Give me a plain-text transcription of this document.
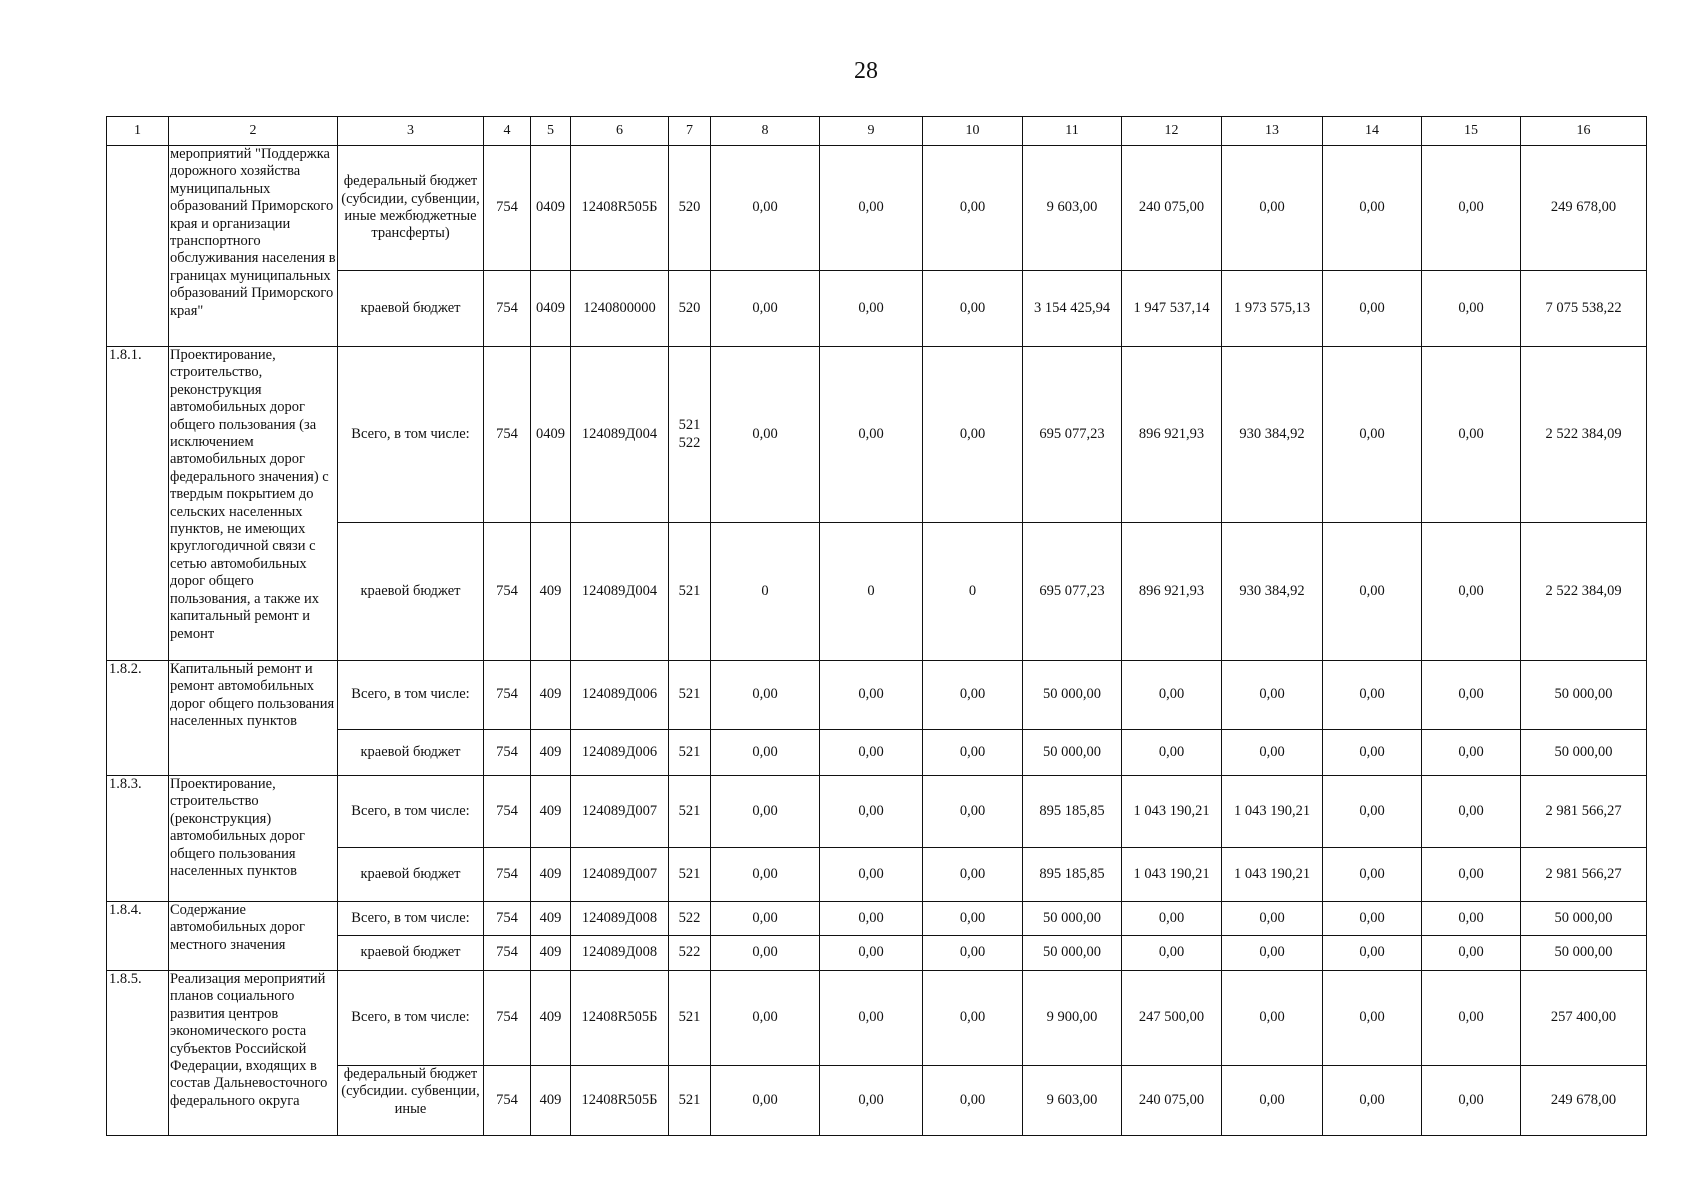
28
1	2	3	4	5	6	7	8	9	10	11	12	13	14	15	16
	мероприятий "Поддержка дорожного хозяйства муниципальных образований Приморского края и организации транспортного обслуживания населения в границах муниципальных образований Приморского края"	федеральный бюджет (субсидии, субвенции, иные межбюджетные трансферты)	754	0409	12408R505Б	520	0,00	0,00	0,00	9 603,00	240 075,00	0,00	0,00	0,00	249 678,00
		краевой бюджет	754	0409	1240800000	520	0,00	0,00	0,00	3 154 425,94	1 947 537,14	1 973 575,13	0,00	0,00	7 075 538,22
1.8.1.	Проектирование, строительство, реконструкция автомобильных дорог общего пользования (за исключением автомобильных дорог федерального значения) с твердым покрытием до сельских населенных пунктов, не имеющих круглогодичной связи с сетью автомобильных дорог общего пользования, а также их капитальный ремонт и ремонт	Всего, в том числе:	754	0409	124089Д004	521 522	0,00	0,00	0,00	695 077,23	896 921,93	930 384,92	0,00	0,00	2 522 384,09
		краевой бюджет	754	409	124089Д004	521	0	0	0	695 077,23	896 921,93	930 384,92	0,00	0,00	2 522 384,09
1.8.2.	Капитальный ремонт и ремонт автомобильных дорог общего пользования населенных пунктов	Всего, в том числе:	754	409	124089Д006	521	0,00	0,00	0,00	50 000,00	0,00	0,00	0,00	0,00	50 000,00
		краевой бюджет	754	409	124089Д006	521	0,00	0,00	0,00	50 000,00	0,00	0,00	0,00	0,00	50 000,00
1.8.3.	Проектирование, строительство (реконструкция) автомобильных дорог общего пользования населенных пунктов	Всего, в том числе:	754	409	124089Д007	521	0,00	0,00	0,00	895 185,85	1 043 190,21	1 043 190,21	0,00	0,00	2 981 566,27
		краевой бюджет	754	409	124089Д007	521	0,00	0,00	0,00	895 185,85	1 043 190,21	1 043 190,21	0,00	0,00	2 981 566,27
1.8.4.	Содержание автомобильных дорог местного значения	Всего, в том числе:	754	409	124089Д008	522	0,00	0,00	0,00	50 000,00	0,00	0,00	0,00	0,00	50 000,00
		краевой бюджет	754	409	124089Д008	522	0,00	0,00	0,00	50 000,00	0,00	0,00	0,00	0,00	50 000,00
1.8.5.	Реализация мероприятий планов социального развития центров экономического роста субъектов Российской Федерации, входящих в состав Дальневосточного федерального округа	Всего, в том числе:	754	409	12408R505Б	521	0,00	0,00	0,00	9 900,00	247 500,00	0,00	0,00	0,00	257 400,00
		федеральный бюджет (субсидии. субвенции, иные	754	409	12408R505Б	521	0,00	0,00	0,00	9 603,00	240 075,00	0,00	0,00	0,00	249 678,00
